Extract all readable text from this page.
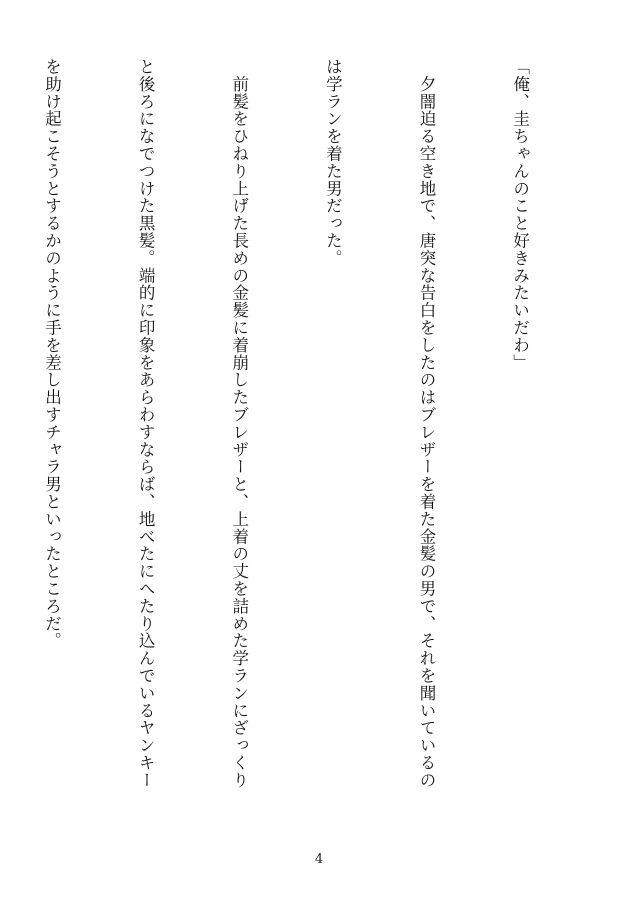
「俺、圭ちゃんのこと好きみたいだわ」

　夕闇迫る空き地で、唐突な告白をしたのはブレザーを着た金髪の男で、それを聞いているの

は学ランを着た男だった。

　前髪をひねり上げた長めの金髪に着崩したブレザーと、上着の丈を詰めた学ランにざっくり

と後ろになでつけた黒髪。端的に印象をあらわすならば、地べたにへたり込んでいるヤンキー

を助け起こそうとするかのように手を差し出すチャラ男といったところだ。

4
